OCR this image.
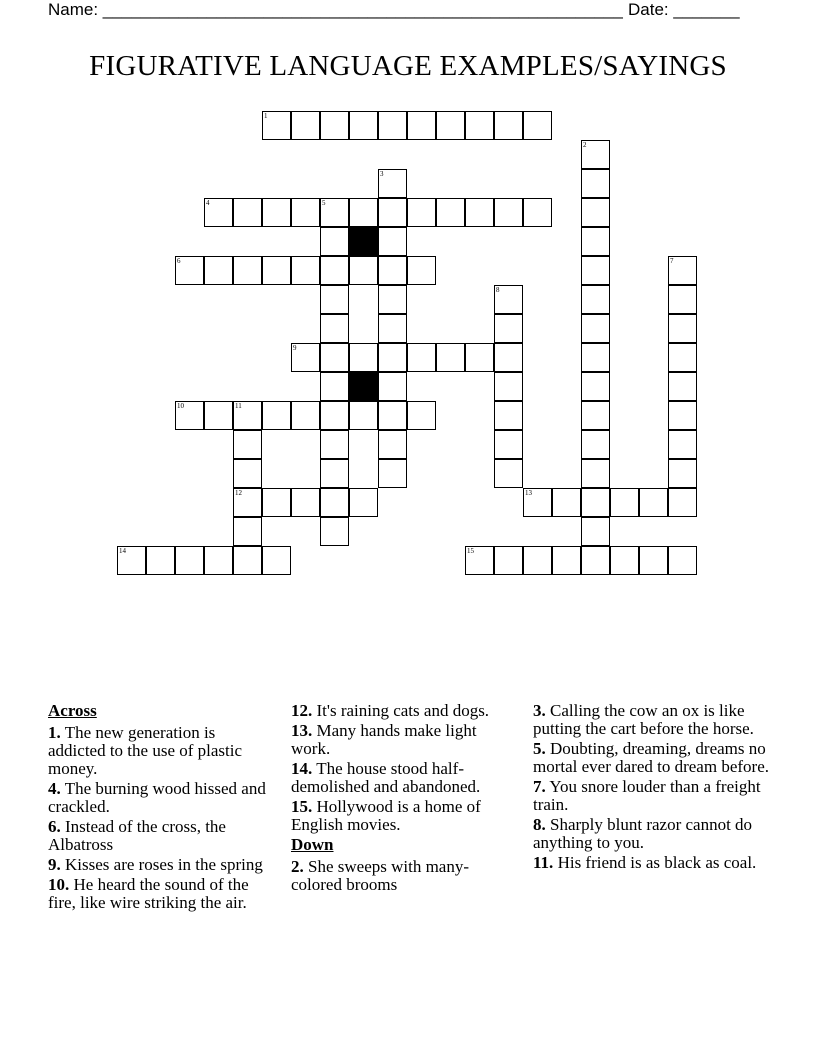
Name: _______________________________________________________ Date: _______
FIGURATIVE LANGUAGE EXAMPLES/SAYINGS
1
4	5
6
9
10	11
12	13
14	15
2
3
7
8
Across
1. The new generation is addicted to the use of plastic money.
4. The burning wood hissed and crackled.
6. Instead of the cross, the Albatross
9. Kisses are roses in the spring
10. He heard the sound of the fire, like wire striking the air.
12. It's raining cats and dogs.
13. Many hands make light work.
14. The house stood half-demolished and abandoned.
15. Hollywood is a home of English movies.
Down
2. She sweeps with many-colored brooms
3. Calling the cow an ox is like putting the cart before the horse.
5. Doubting, dreaming, dreams no mortal ever dared to dream before.
7. You snore louder than a freight train.
8. Sharply blunt razor cannot do anything to you.
11. His friend is as black as coal.
